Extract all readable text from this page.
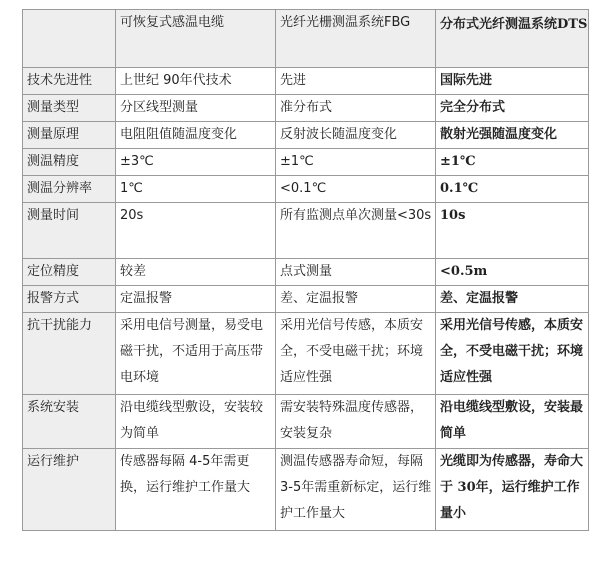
	可恢复式感温电缆	光纤光栅测温系统FBG	分布式光纤测温系统DTS
技术先进性	上世纪 90年代技术	先进	国际先进
测量类型	分区线型测量	准分布式	完全分布式
测量原理	电阻阻值随温度变化	反射波长随温度变化	散射光强随温度变化
测温精度	±3℃	±1℃	±1℃
测温分辨率	1℃	<0.1℃	0.1℃
测量时间	20s	所有监测点单次测量<30s	10s
定位精度	较差	点式测量	<0.5m
报警方式	定温报警	差、定温报警	差、定温报警
抗干扰能力	采用电信号测量，易受电磁干扰，不适用于高压带电环境	采用光信号传感，本质安全，不受电磁干扰；环境适应性强	采用光信号传感，本质安全，不受电磁干扰；环境适应性强
系统安装	沿电缆线型敷设，安装较为简单	需安装特殊温度传感器，安装复杂	沿电缆线型敷设，安装最简单
运行维护	传感器每隔 4-5年需更换，运行维护工作量大	测温传感器寿命短，每隔 3-5年需重新标定，运行维护工作量大	光缆即为传感器，寿命大于 30年，运行维护工作量小
